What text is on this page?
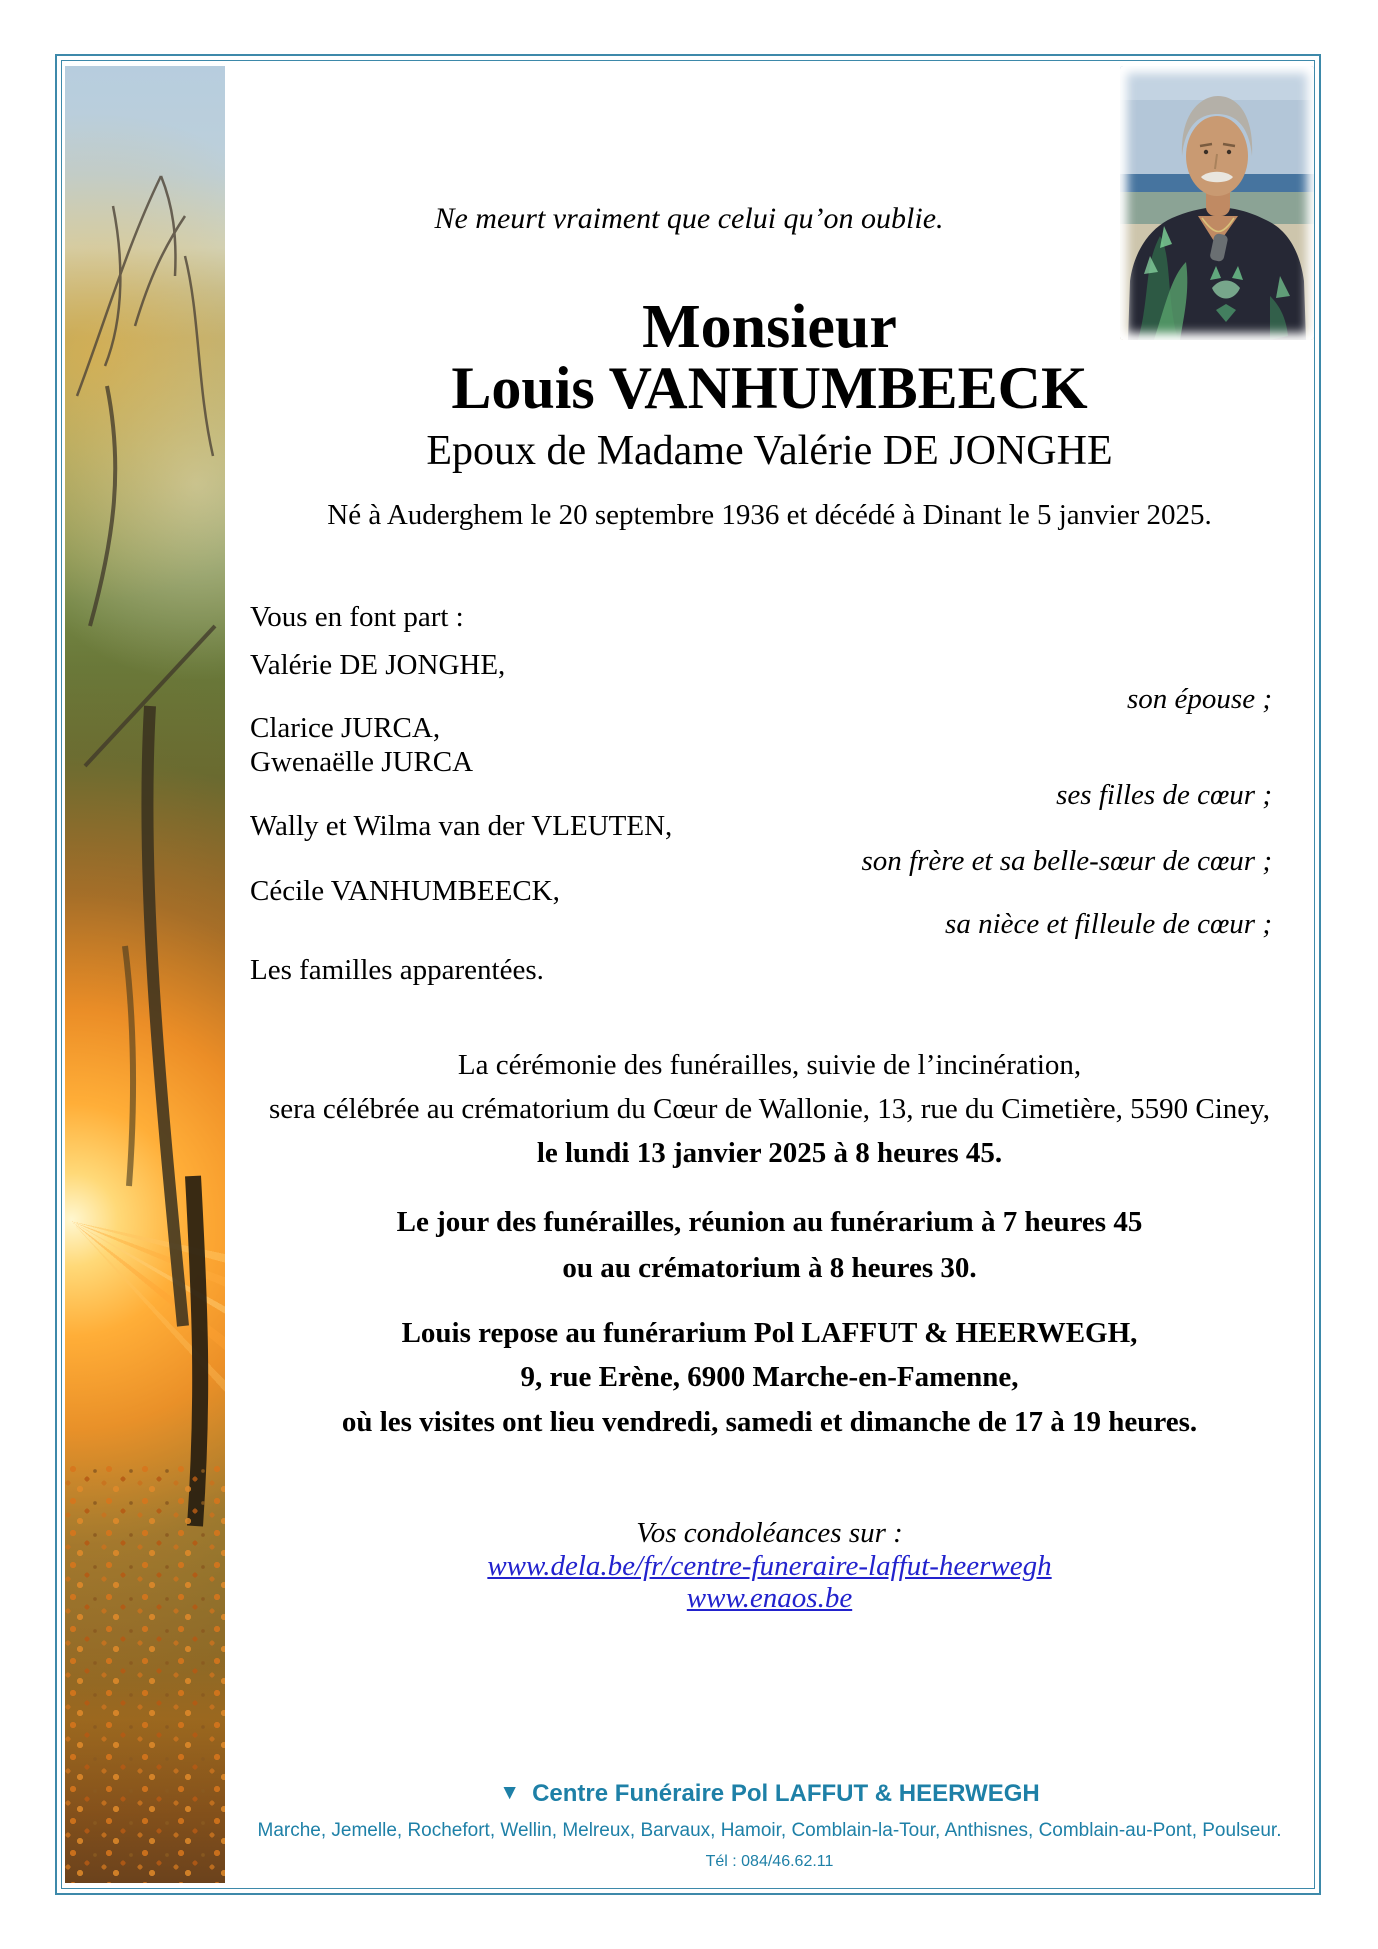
Ne meurt vraiment que celui qu’on oublie.
Monsieur
Louis VANHUMBEECK
Epoux de Madame Valérie DE JONGHE
Né à Auderghem le 20 septembre 1936 et décédé à Dinant le 5 janvier 2025.
Vous en font part :
Valérie DE JONGHE,
son épouse ;
Clarice JURCA,
Gwenaëlle JURCA
ses filles de cœur ;
Wally et Wilma van der VLEUTEN,
son frère et sa belle-sœur de cœur ;
Cécile VANHUMBEECK,
sa nièce et filleule de cœur ;
Les familles apparentées.
La cérémonie des funérailles, suivie de l’incinération,
sera célébrée au crématorium du Cœur de Wallonie, 13, rue du Cimetière, 5590 Ciney,
le lundi 13 janvier 2025 à 8 heures 45.
Le jour des funérailles, réunion au funérarium à 7 heures 45
ou au crématorium à 8 heures 30.
Louis repose au funérarium Pol LAFFUT & HEERWEGH,
9, rue Erène, 6900 Marche-en-Famenne,
où les visites ont lieu vendredi, samedi et dimanche de 17 à 19 heures.
Vos condoléances sur :
www.dela.be/fr/centre-funeraire-laffut-heerwegh
www.enaos.be
▼ Centre Funéraire Pol LAFFUT & HEERWEGH
Marche, Jemelle, Rochefort, Wellin, Melreux, Barvaux, Hamoir, Comblain-la-Tour, Anthisnes, Comblain-au-Pont, Poulseur.
Tél : 084/46.62.11
